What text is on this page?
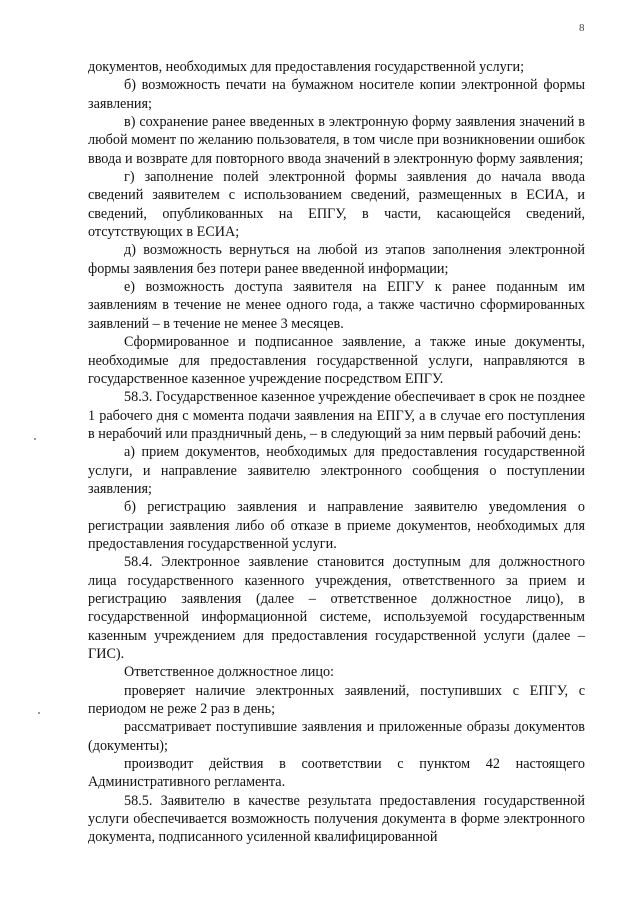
8

документов, необходимых для предоставления государственной услуги;

б) возможность печати на бумажном носителе копии электронной формы заявления;

в) сохранение ранее введенных в электронную форму заявления значений в любой момент по желанию пользователя, в том числе при возникновении ошибок ввода и возврате для повторного ввода значений в электронную форму заявления;

г) заполнение полей электронной формы заявления до начала ввода сведений заявителем с использованием сведений, размещенных в ЕСИА, и сведений, опубликованных на ЕПГУ, в части, касающейся сведений, отсутствующих в ЕСИА;

д) возможность вернуться на любой из этапов заполнения электронной формы заявления без потери ранее введенной информации;

е) возможность доступа заявителя на ЕПГУ к ранее поданным им заявлениям в течение не менее одного года, а также частично сформированных заявлений – в течение не менее 3 месяцев.

Сформированное и подписанное заявление, а также иные документы, необходимые для предоставления государственной услуги, направляются в государственное казенное учреждение посредством ЕПГУ.

58.3. Государственное казенное учреждение обеспечивает в срок не позднее 1 рабочего дня с момента подачи заявления на ЕПГУ, а в случае его поступления в нерабочий или праздничный день, – в следующий за ним первый рабочий день:

а) прием документов, необходимых для предоставления государственной услуги, и направление заявителю электронного сообщения о поступлении заявления;

б) регистрацию заявления и направление заявителю уведомления о регистрации заявления либо об отказе в приеме документов, необходимых для предоставления государственной услуги.

58.4. Электронное заявление становится доступным для должностного лица государственного казенного учреждения, ответственного за прием и регистрацию заявления (далее – ответственное должностное лицо), в государственной информационной системе, используемой государственным казенным учреждением для предоставления государственной услуги (далее – ГИС).

Ответственное должностное лицо:

проверяет наличие электронных заявлений, поступивших с ЕПГУ, с периодом не реже 2 раз в день;

рассматривает поступившие заявления и приложенные образы документов (документы);

производит действия в соответствии с пунктом 42 настоящего Административного регламента.

58.5. Заявителю в качестве результата предоставления государственной услуги обеспечивается возможность получения документа в форме электронного документа, подписанного усиленной квалифицированной
